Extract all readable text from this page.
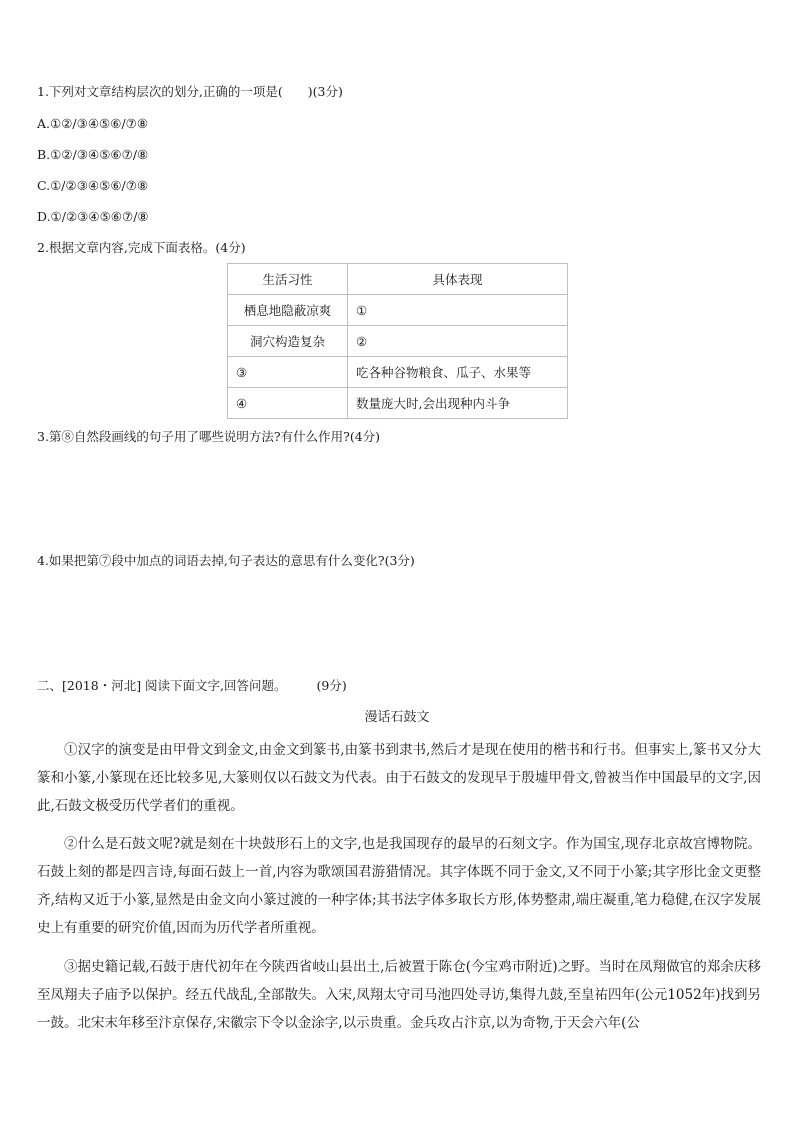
1.下列对文章结构层次的划分,正确的一项是(　　)(3分)
A.①②/③④⑤⑥/⑦⑧
B.①②/③④⑤⑥⑦/⑧
C.①/②③④⑤⑥/⑦⑧
D.①/②③④⑤⑥⑦/⑧
2.根据文章内容,完成下面表格。(4分)
生活习性	具体表现
栖息地隐蔽凉爽	①
洞穴构造复杂	②
③	吃各种谷物粮食、瓜子、水果等
④	数量庞大时,会出现种内斗争
3.第⑧自然段画线的句子用了哪些说明方法?有什么作用?(4分)
4.如果把第⑦段中加点的词语去掉,句子表达的意思有什么变化?(3分)
二、[2018・河北] 阅读下面文字,回答问题。 (9分)
漫话石鼓文
①汉字的演变是由甲骨文到金文,由金文到篆书,由篆书到隶书,然后才是现在使用的楷书和行书。但事实上,篆书又分大篆和小篆,小篆现在还比较多见,大篆则仅以石鼓文为代表。由于石鼓文的发现早于殷墟甲骨文,曾被当作中国最早的文字,因此,石鼓文极受历代学者们的重视。
②什么是石鼓文呢?就是刻在十块鼓形石上的文字,也是我国现存的最早的石刻文字。作为国宝,现存北京故宫博物院。石鼓上刻的都是四言诗,每面石鼓上一首,内容为歌颂国君游猎情况。其字体既不同于金文,又不同于小篆;其字形比金文更整齐,结构又近于小篆,显然是由金文向小篆过渡的一种字体;其书法字体多取长方形,体势整肃,端庄凝重,笔力稳健,在汉字发展史上有重要的研究价值,因而为历代学者所重视。
③据史籍记载,石鼓于唐代初年在今陕西省岐山县出土,后被置于陈仓(今宝鸡市附近)之野。当时在凤翔做官的郑余庆移至凤翔夫子庙予以保护。经五代战乱,全部散失。入宋,凤翔太守司马池四处寻访,集得九鼓,至皇祐四年(公元1052年)找到另一鼓。北宋末年移至汴京保存,宋徽宗下令以金涂字,以示贵重。金兵攻占汴京,以为奇物,于天会六年(公
